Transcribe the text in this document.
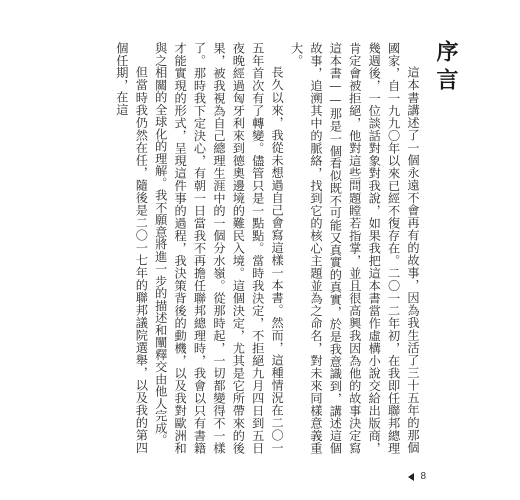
序言

這本書講述了一個永遠不會再有的故事，因為我生活了三十五年的那個國家，自一九九〇年以來已經不復存在。二〇一二年初，在我即任聯邦總理幾週後，一位談話對象對我說，如果我把這本書當作虛構小說交給出版商，肯定會被拒絕，他對這些問題瞠若指掌，並且很高興我因為他的故事決定寫這本書——那是一個看似既不可能又真實的真實，於是我意識到，講述這個故事，追溯其中的脈絡，找到它的核心主題並為之命名，對未來同樣意義重大。

長久以來，我從未想過自己會寫這樣一本書。然而，這種情況在二〇一五年首次有了轉變。儘管只是一點點。當時我決定，不拒絕九月四日到五日夜晚經過匈牙利來到德奧邊境的難民入境。這個決定，尤其是它所帶來的後果，被我視為自己總理生涯中的一個分水嶺。從那時起，一切都變得不一樣了。那時我下定決心，有朝一日當我不再擔任聯邦總理時，我會以只有書籍才能實現的形式，呈現這件事的過程，我決策背後的動機，以及我對歐洲和與之相關的全球化的理解。我不願意將進一步的描述和闡釋交由他人完成。

但當時我仍然在任，隨後是二〇一七年的聯邦議院選舉，以及我的第四個任期，在這

8
